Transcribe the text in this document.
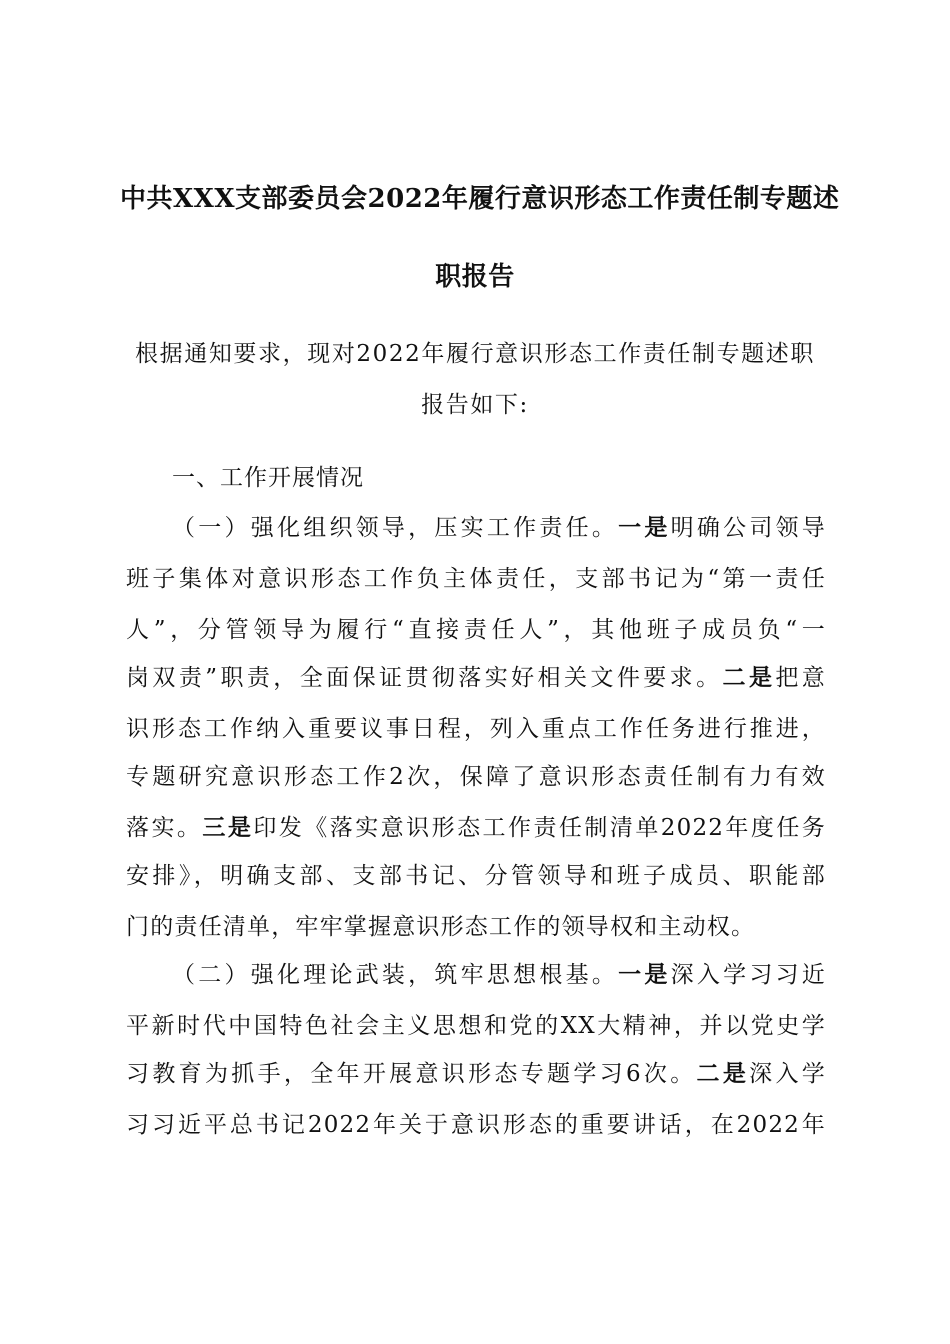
中共XXX支部委员会2022年履行意识形态工作责任制专题述
职报告
根据通知要求，现对2022年履行意识形态工作责任制专题述职
报告如下:
一、工作开展情况
（一）强化组织领导，压实工作责任。一是明确公司领导
班子集体对意识形态工作负主体责任，支部书记为“第一责任
人”，分管领导为履行“直接责任人”，其他班子成员负“一
岗双责”职责，全面保证贯彻落实好相关文件要求。二是把意
识形态工作纳入重要议事日程，列入重点工作任务进行推进，
专题研究意识形态工作2次，保障了意识形态责任制有力有效
落实。三是印发《落实意识形态工作责任制清单2022年度任务
安排》，明确支部、支部书记、分管领导和班子成员、职能部
门的责任清单，牢牢掌握意识形态工作的领导权和主动权。
（二）强化理论武装，筑牢思想根基。一是深入学习习近
平新时代中国特色社会主义思想和党的XX大精神，并以党史学
习教育为抓手，全年开展意识形态专题学习6次。二是深入学
习习近平总书记2022年关于意识形态的重要讲话，在2022年
